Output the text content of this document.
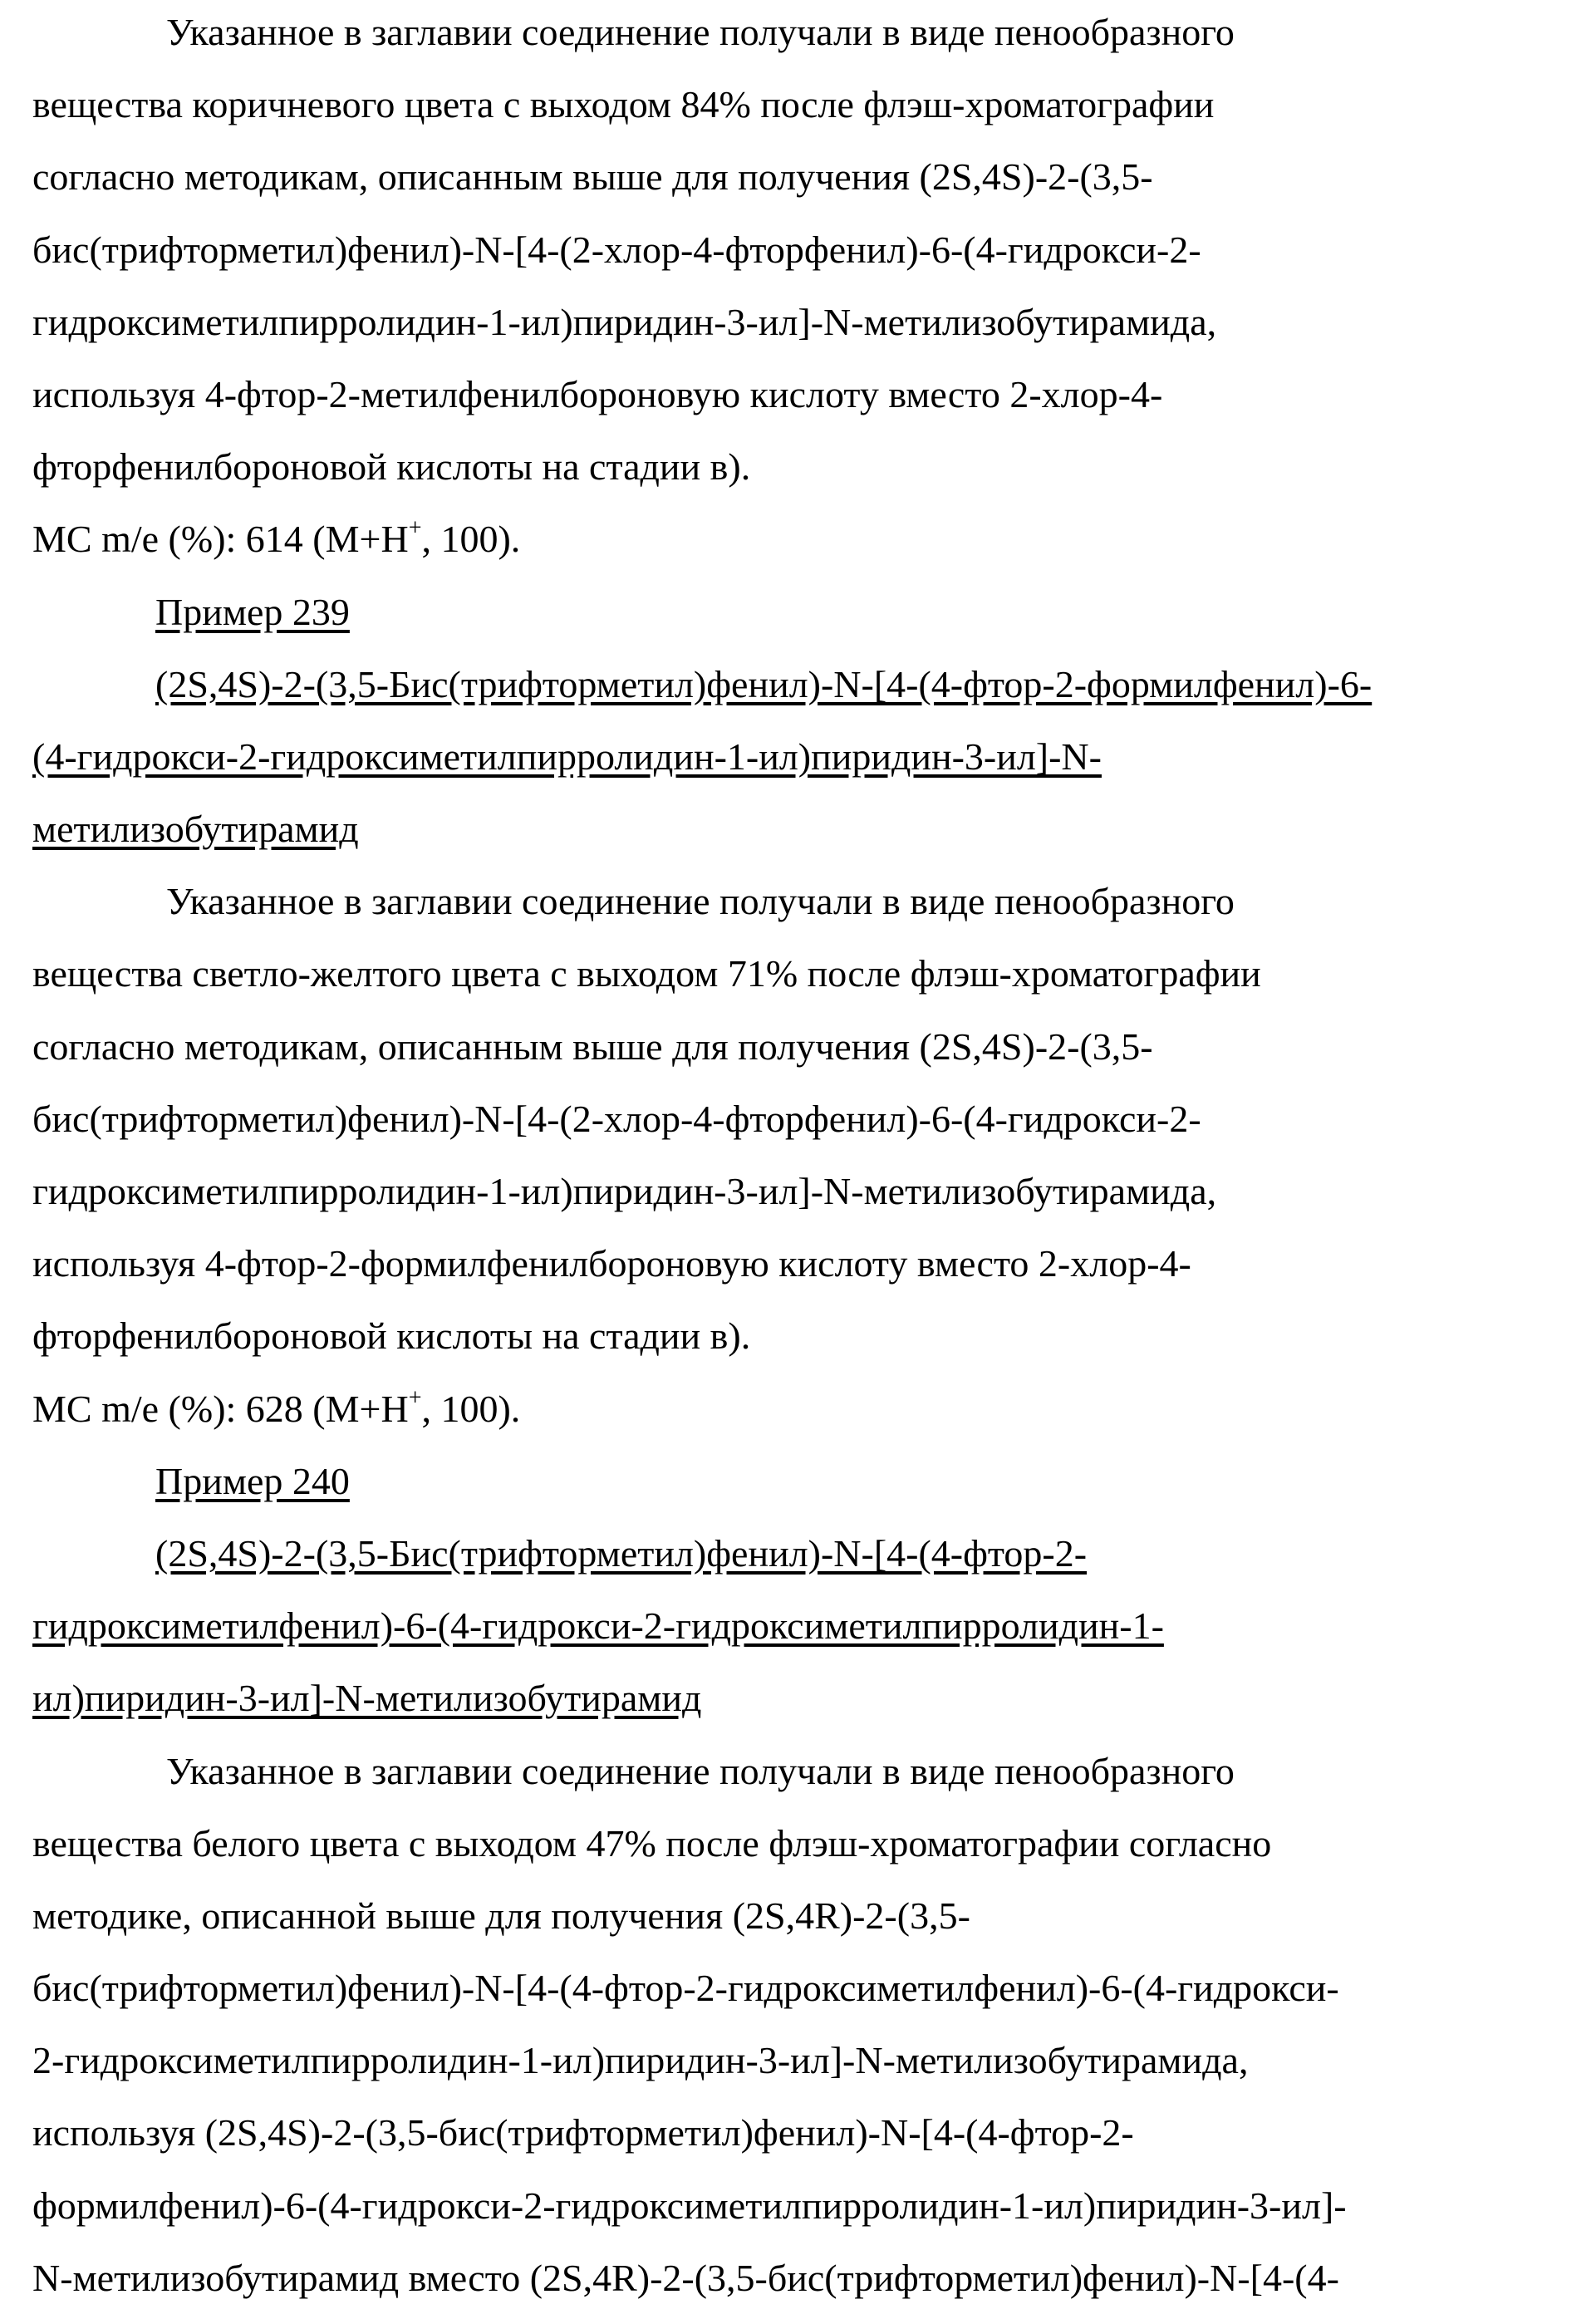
Указанное в заглавии соединение получали в виде пенообразного
вещества коричневого цвета с выходом 84% после флэш-хроматографии
согласно методикам, описанным выше для получения (2S,4S)-2-(3,5-
бис(трифторметил)фенил)-N-[4-(2-хлор-4-фторфенил)-6-(4-гидрокси-2-
гидроксиметилпирролидин-1-ил)пиридин-3-ил]-N-метилизобутирамида,
используя 4-фтор-2-метилфенилбороновую кислоту вместо 2-хлор-4-
фторфенилбороновой кислоты на стадии в).
МС m/e (%): 614 (M+H+, 100).
Пример 239
(2S,4S)-2-(3,5-Бис(трифторметил)фенил)-N-[4-(4-фтор-2-формилфенил)-6-
(4-гидрокси-2-гидроксиметилпирролидин-1-ил)пиридин-3-ил]-N-
метилизобутирамид
Указанное в заглавии соединение получали в виде пенообразного
вещества светло-желтого цвета с выходом 71% после флэш-хроматографии
согласно методикам, описанным выше для получения (2S,4S)-2-(3,5-
бис(трифторметил)фенил)-N-[4-(2-хлор-4-фторфенил)-6-(4-гидрокси-2-
гидроксиметилпирролидин-1-ил)пиридин-3-ил]-N-метилизобутирамида,
используя 4-фтор-2-формилфенилбороновую кислоту вместо 2-хлор-4-
фторфенилбороновой кислоты на стадии в).
МС m/e (%): 628 (M+H+, 100).
Пример 240
(2S,4S)-2-(3,5-Бис(трифторметил)фенил)-N-[4-(4-фтор-2-
гидроксиметилфенил)-6-(4-гидрокси-2-гидроксиметилпирролидин-1-
ил)пиридин-3-ил]-N-метилизобутирамид
Указанное в заглавии соединение получали в виде пенообразного
вещества белого цвета с выходом 47% после флэш-хроматографии согласно
методике, описанной выше для получения (2S,4R)-2-(3,5-
бис(трифторметил)фенил)-N-[4-(4-фтор-2-гидроксиметилфенил)-6-(4-гидрокси-
2-гидроксиметилпирролидин-1-ил)пиридин-3-ил]-N-метилизобутирамида,
используя (2S,4S)-2-(3,5-бис(трифторметил)фенил)-N-[4-(4-фтор-2-
формилфенил)-6-(4-гидрокси-2-гидроксиметилпирролидин-1-ил)пиридин-3-ил]-
N-метилизобутирамид вместо (2S,4R)-2-(3,5-бис(трифторметил)фенил)-N-[4-(4-
